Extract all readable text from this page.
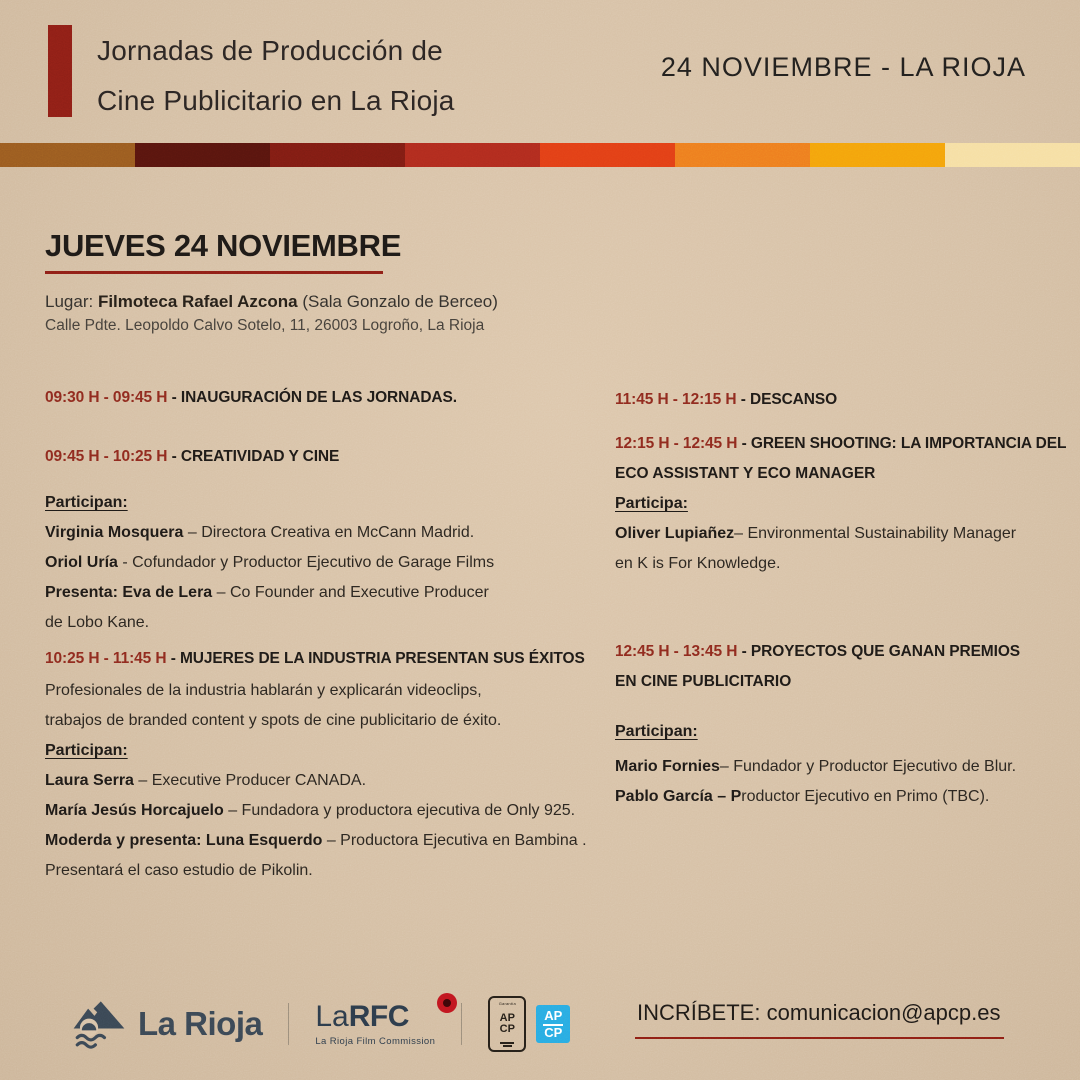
Jornadas de Producción de
Cine Publicitario en La Rioja
24 NOVIEMBRE - LA RIOJA
JUEVES 24 NOVIEMBRE

Lugar: Filmoteca Rafael Azcona (Sala Gonzalo de Berceo)

Calle Pdte. Leopoldo Calvo Sotelo, 11, 26003 Logroño, La Rioja

09:30 H - 09:45 H - INAUGURACIÓN DE LAS JORNADAS.

09:45 H - 10:25 H - CREATIVIDAD Y CINE

Participan:

Virginia Mosquera – Directora Creativa en McCann Madrid.

Oriol Uría - Cofundador y Productor Ejecutivo de Garage Films

Presenta: Eva de Lera – Co Founder and Executive Producer

de Lobo Kane.

10:25 H - 11:45 H - MUJERES DE LA INDUSTRIA PRESENTAN SUS ÉXITOS

Profesionales de la industria hablarán y explicarán videoclips,

trabajos de branded content y spots de cine publicitario de éxito.

Participan:

Laura Serra – Executive Producer CANADA.

María Jesús Horcajuelo – Fundadora y productora ejecutiva de Only 925.

Moderda y presenta: Luna Esquerdo – Productora Ejecutiva en Bambina .

Presentará el caso estudio de Pikolin.

11:45 H - 12:15 H - DESCANSO

12:15 H - 12:45 H - GREEN SHOOTING: LA IMPORTANCIA DEL

ECO ASSISTANT Y ECO MANAGER

Participa:

Oliver Lupiañez– Environmental Sustainability Manager

en K is For Knowledge.

12:45 H - 13:45 H - PROYECTOS QUE GANAN PREMIOS

EN CINE PUBLICITARIO

Participan:

Mario Fornies– Fundador y Productor Ejecutivo de Blur.

Pablo García – Productor Ejecutivo en Primo (TBC).

La Rioja LaRFC
La Rioja Film Commission
Garantía
AP
CP
AP
CP
INCRÍBETE: comunicacion@apcp.es
